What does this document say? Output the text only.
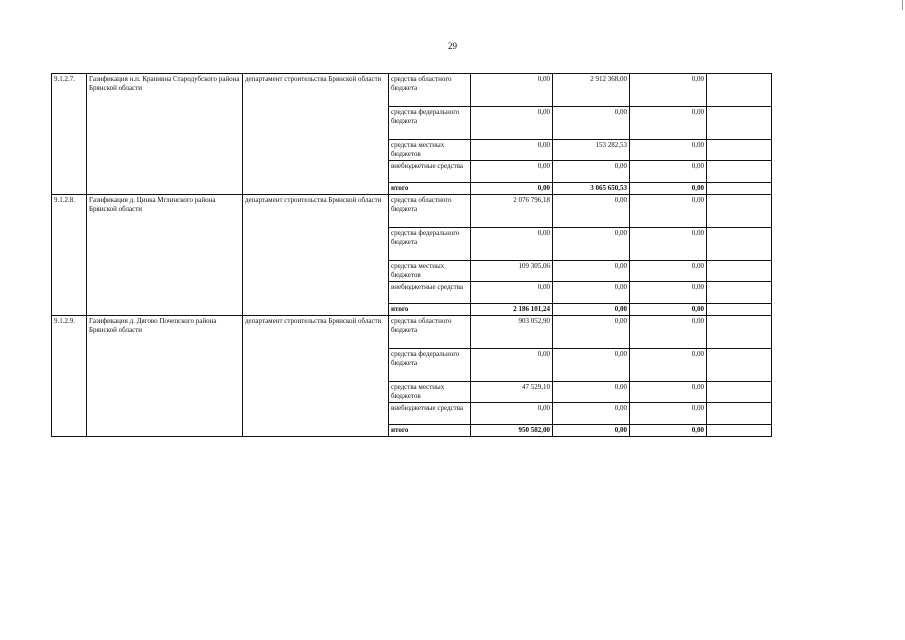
29
9.1.2.7.	Газификация н.п. Крапивна Стародубского района Брянской области	департамент строительства Брянской области	средства областного бюджета	0,00	2 912 368,00	0,00	
			средства федерального бюджета	0,00	0,00	0,00	
			средства местных бюджетов	0,00	153 282,53	0,00	
			внебюджетные средства	0,00	0,00	0,00	
			итого	0,00	3 065 650,53	0,00	
9.1.2.8.	Газификация д. Цинка Мглинского района Брянской области	департамент строительства Брянской области	средства областного бюджета	2 076 796,18	0,00	0,00	
			средства федерального бюджета	0,00	0,00	0,00	
			средства местных бюджетов	109 305,06	0,00	0,00	
			внебюджетные средства	0,00	0,00	0,00	
			итого	2 186 101,24	0,00	0,00	
9.1.2.9.	Газификация д. Дягово Почепского района Брянской области	департамент строительства Брянской области	средства областного бюджета	903 052,90	0,00	0,00	
			средства федерального бюджета	0,00	0,00	0,00	
			средства местных бюджетов	47 529,10	0,00	0,00	
			внебюджетные средства	0,00	0,00	0,00	
			итого	950 582,00	0,00	0,00	
